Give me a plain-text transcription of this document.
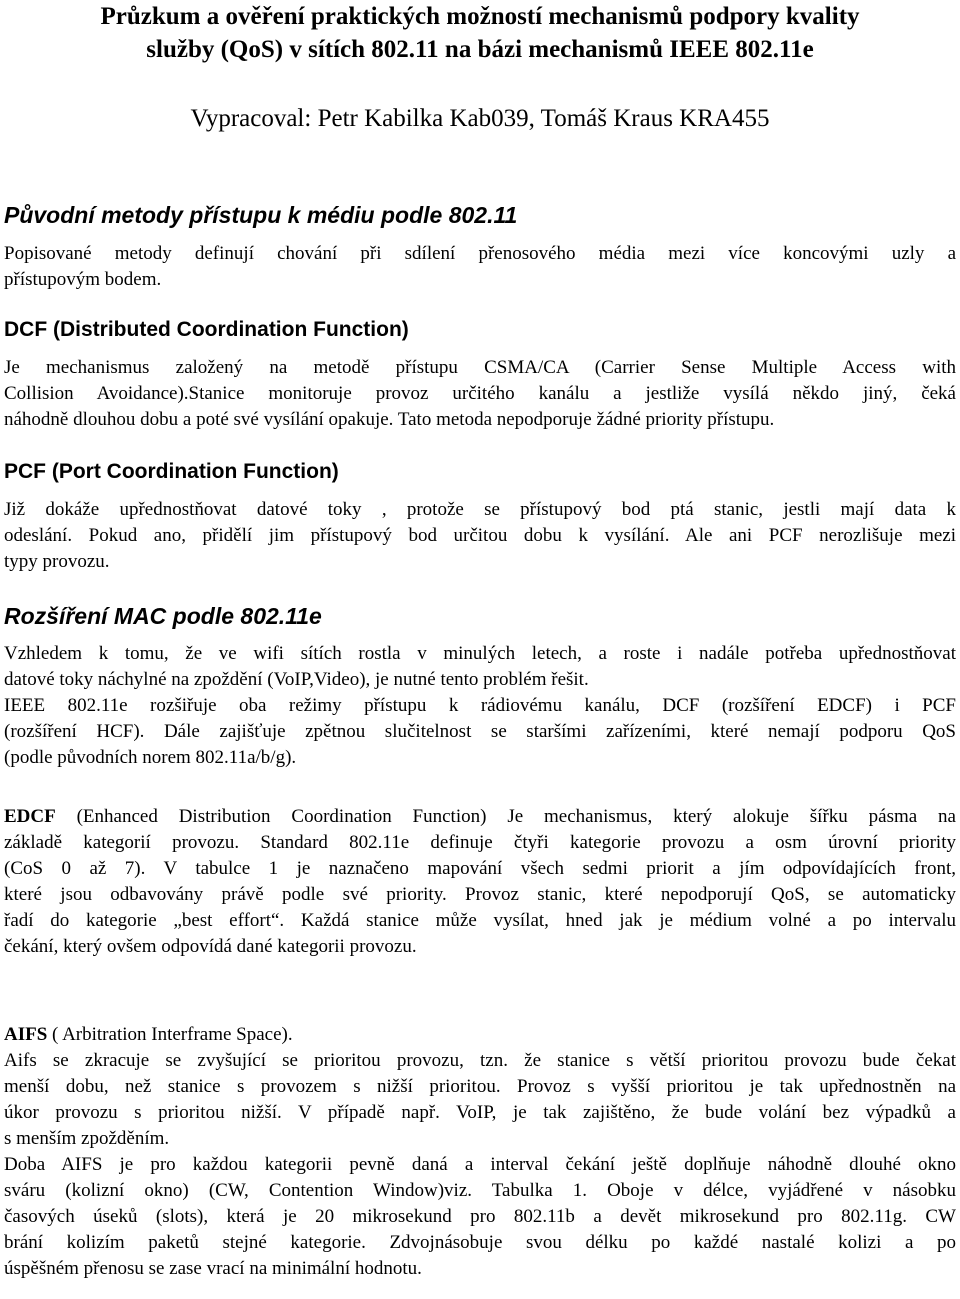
Průzkum a ověření praktických možností mechanismů podpory kvality
služby (QoS) v sítích 802.11 na bázi mechanismů IEEE 802.11e
Vypracoval: Petr Kabilka Kab039, Tomáš Kraus KRA455
Původní metody přístupu k médiu podle 802.11
Popisované metody definují chování při sdílení přenosového média mezi více koncovými uzly a
přístupovým bodem.
DCF (Distributed Coordination Function)
Je mechanismus založený na metodě přístupu CSMA/CA (Carrier Sense Multiple Access with
Collision Avoidance).Stanice monitoruje provoz určitého kanálu a jestliže vysílá někdo jiný, čeká
náhodně dlouhou dobu a poté své vysílání opakuje. Tato metoda nepodporuje žádné priority přístupu.
PCF (Port Coordination Function)
Již dokáže upřednostňovat datové toky , protože se přístupový bod ptá stanic, jestli mají data k
odeslání. Pokud ano, přidělí jim přístupový bod určitou dobu k vysílání. Ale ani PCF nerozlišuje mezi
typy provozu.
Rozšíření MAC podle 802.11e
Vzhledem k tomu, že ve wifi sítích rostla v minulých letech, a roste i nadále potřeba upřednostňovat
datové toky náchylné na zpoždění (VoIP,Video), je nutné tento problém řešit.
IEEE 802.11e rozšiřuje oba režimy přístupu k rádiovému kanálu, DCF (rozšíření EDCF) i PCF
(rozšíření HCF). Dále zajišťuje zpětnou slučitelnost se staršími zařízeními, které nemají podporu QoS
(podle původních norem 802.11a/b/g).
EDCF (Enhanced Distribution Coordination Function) Je mechanismus, který alokuje šířku pásma na
základě kategorií provozu. Standard 802.11e definuje čtyři kategorie provozu a osm úrovní priority
(CoS 0 až 7). V tabulce 1 je naznačeno mapování všech sedmi priorit a jím odpovídajících front,
které jsou odbavovány právě podle své priority. Provoz stanic, které nepodporují QoS, se automaticky
řadí do kategorie „best effort“. Každá stanice může vysílat, hned jak je médium volné a po intervalu
čekání, který ovšem odpovídá dané kategorii provozu.
AIFS ( Arbitration Interframe Space).
Aifs se zkracuje se zvyšující se prioritou provozu, tzn. že stanice s větší prioritou provozu bude čekat
menší dobu, než stanice s provozem s nižší prioritou. Provoz s vyšší prioritou je tak upřednostněn na
úkor provozu s prioritou nižší. V případě např. VoIP, je tak zajištěno, že bude volání bez výpadků a
s menším zpožděním.
Doba AIFS je pro každou kategorii pevně daná a interval čekání ještě doplňuje náhodně dlouhé okno
sváru (kolizní okno) (CW, Contention Window)viz. Tabulka 1. Oboje v délce, vyjádřené v násobku
časových úseků (slots), která je 20 mikrosekund pro 802.11b a devět mikrosekund pro 802.11g. CW
brání kolizím paketů stejné kategorie. Zdvojnásobuje svou délku po každé nastalé kolizi a po
úspěšném přenosu se zase vrací na minimální hodnotu.
